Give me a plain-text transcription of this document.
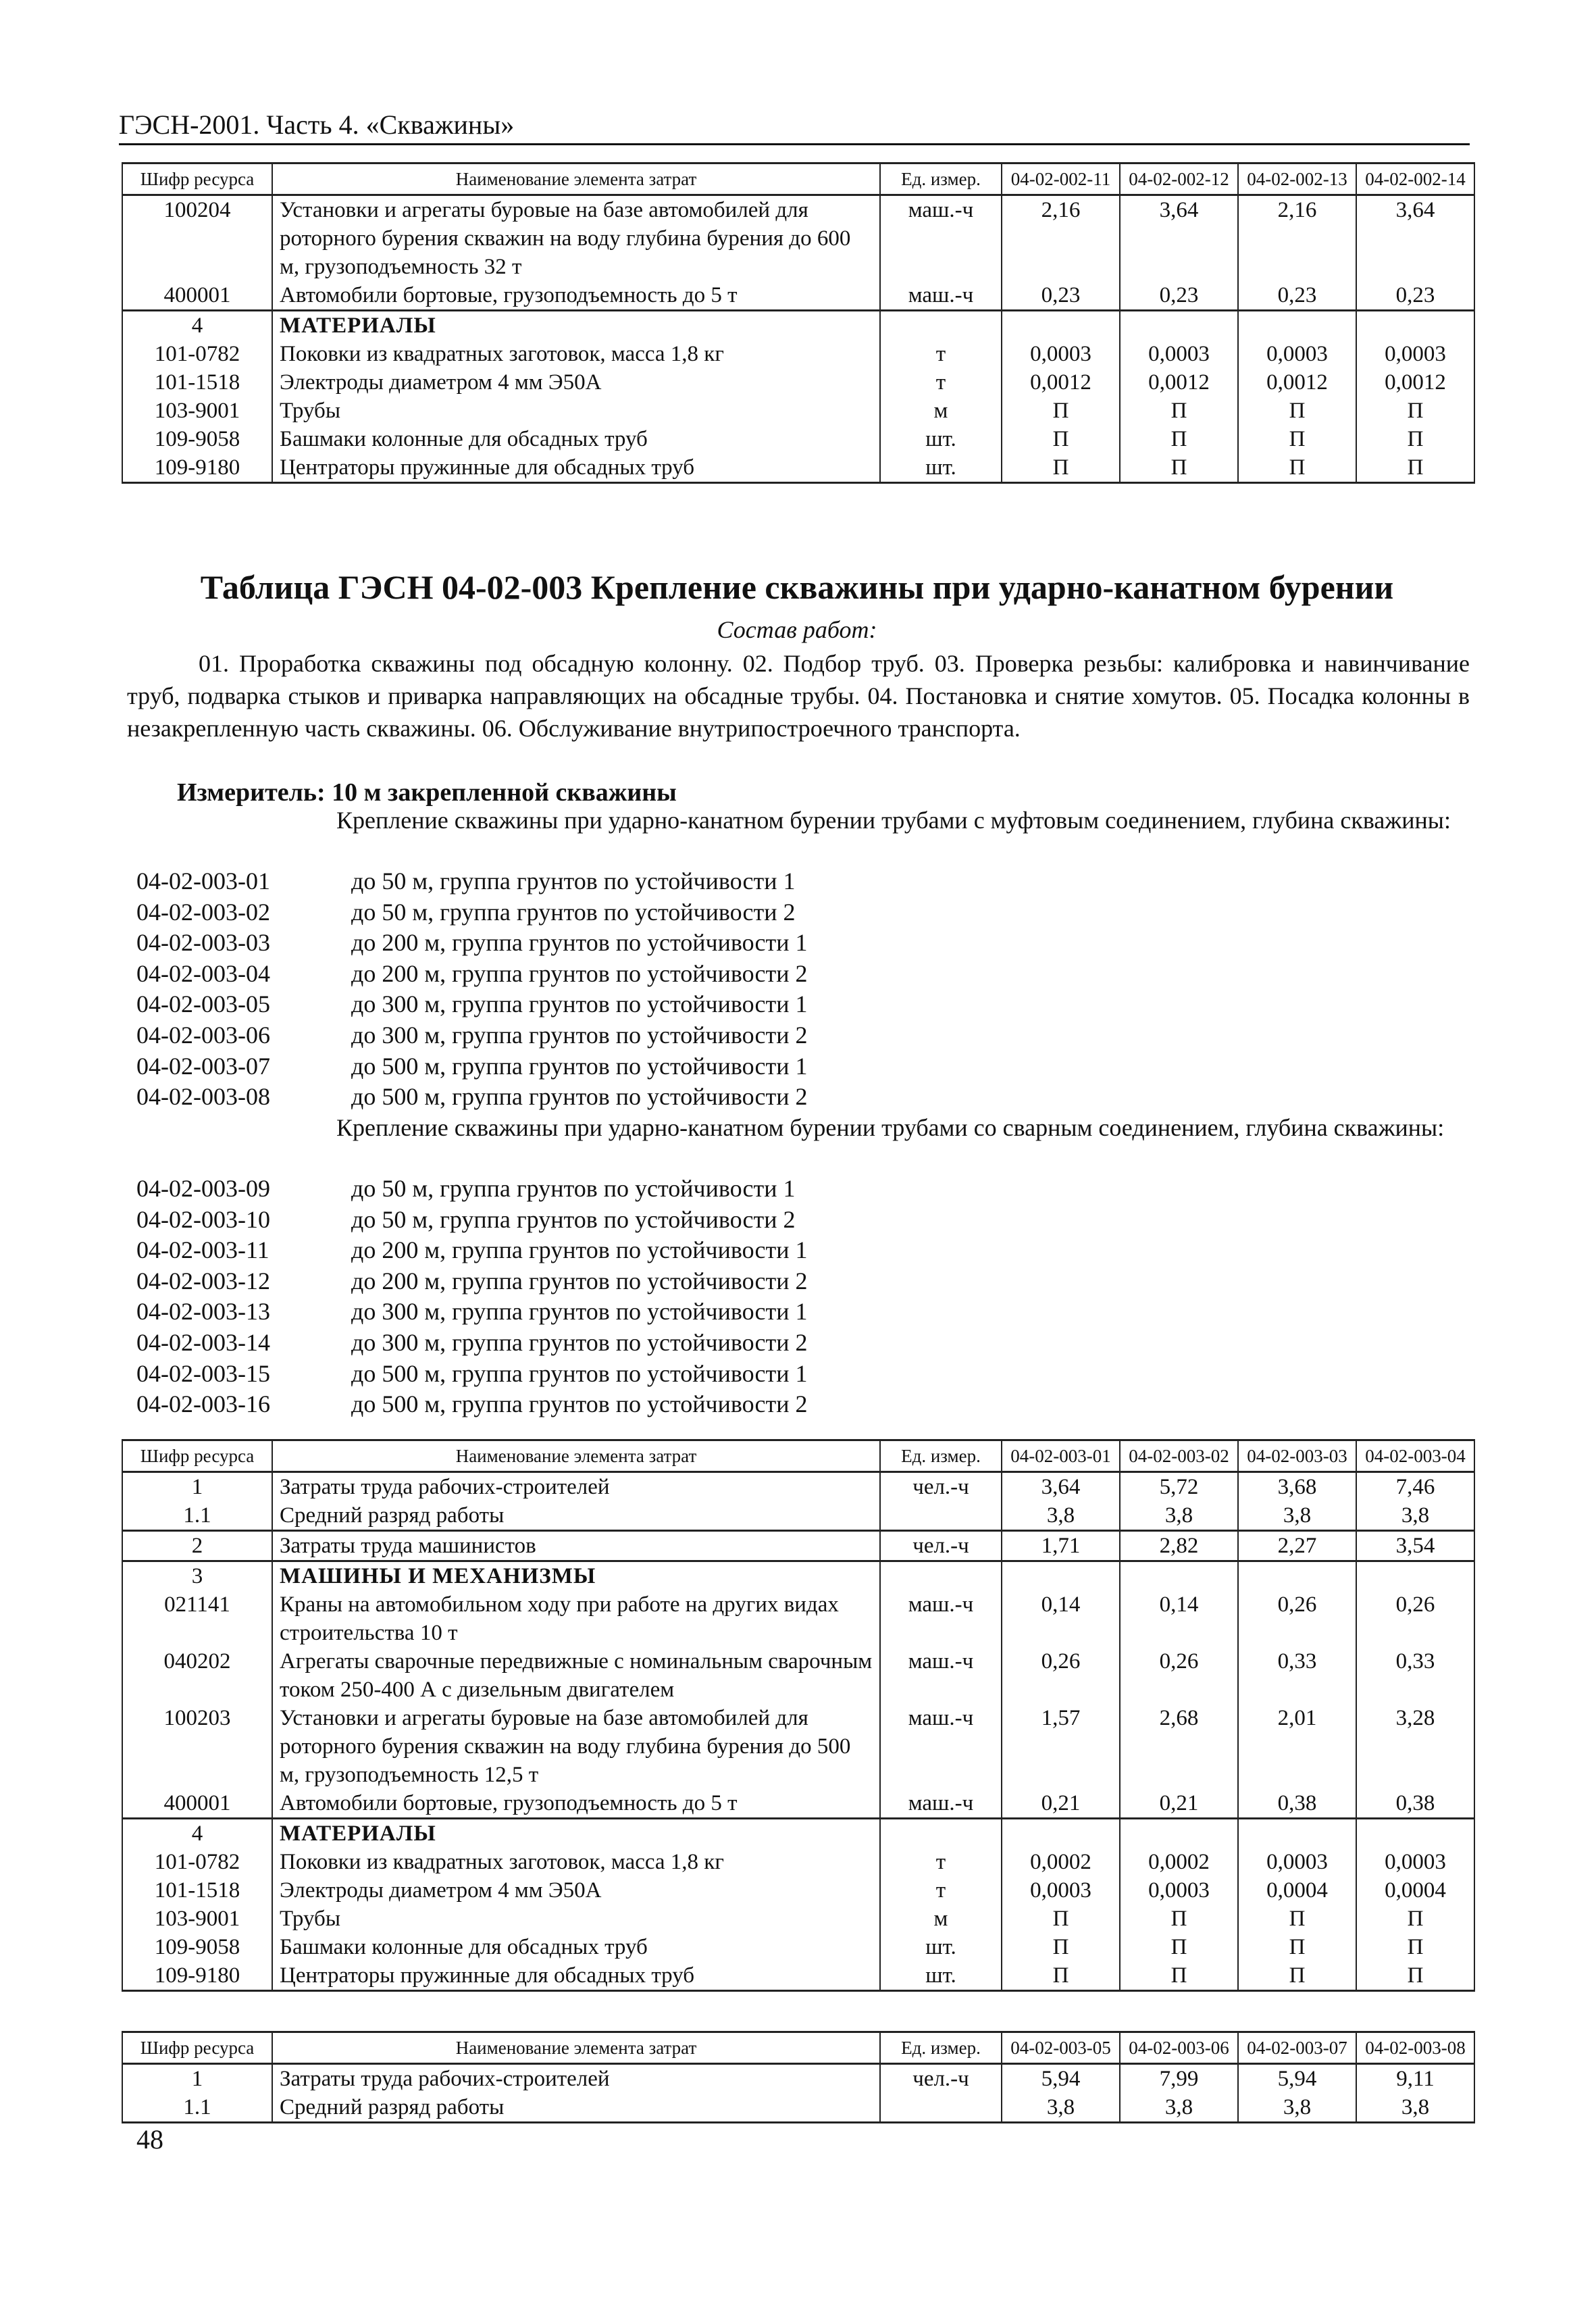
ГЭСН-2001. Часть 4. «Скважины»
Шифр ресурса	Наименование элемента затрат	Ед. измер.	04-02-002-11	04-02-002-12	04-02-002-13	04-02-002-14
100204	Установки и агрегаты буровые на базе автомобилей для роторного бурения скважин на воду глубина бурения до 600 м, грузоподъемность 32 т	маш.-ч	2,16	3,64	2,16	3,64
400001	Автомобили бортовые, грузоподъемность до 5 т	маш.-ч	0,23	0,23	0,23	0,23
4	МАТЕРИАЛЫ					
101-0782	Поковки из квадратных заготовок, масса 1,8 кг	т	0,0003	0,0003	0,0003	0,0003
101-1518	Электроды диаметром 4 мм Э50А	т	0,0012	0,0012	0,0012	0,0012
103-9001	Трубы	м	П	П	П	П
109-9058	Башмаки колонные для обсадных труб	шт.	П	П	П	П
109-9180	Центраторы пружинные для обсадных труб	шт.	П	П	П	П
Таблица ГЭСН 04-02-003 Крепление скважины при ударно-канатном бурении
Состав работ:
01. Проработка скважины под обсадную колонну. 02. Подбор труб. 03. Проверка резьбы: калибровка и навинчивание труб, подварка стыков и приварка направляющих на обсадные трубы. 04. Постановка и снятие хомутов. 05. Посадка колонны в незакрепленную часть скважины. 06. Обслуживание внутрипостроечного транспорта.
Измеритель: 10 м закрепленной скважины
Крепление скважины при ударно-канатном бурении трубами с муфтовым соединением, глубина скважины:
04-02-003-01	до 50 м, группа грунтов по устойчивости 1
04-02-003-02	до 50 м, группа грунтов по устойчивости 2
04-02-003-03	до 200 м, группа грунтов по устойчивости 1
04-02-003-04	до 200 м, группа грунтов по устойчивости 2
04-02-003-05	до 300 м, группа грунтов по устойчивости 1
04-02-003-06	до 300 м, группа грунтов по устойчивости 2
04-02-003-07	до 500 м, группа грунтов по устойчивости 1
04-02-003-08	до 500 м, группа грунтов по устойчивости 2
Крепление скважины при ударно-канатном бурении трубами со сварным соединением, глубина скважины:
04-02-003-09	до 50 м, группа грунтов по устойчивости 1
04-02-003-10	до 50 м, группа грунтов по устойчивости 2
04-02-003-11	до 200 м, группа грунтов по устойчивости 1
04-02-003-12	до 200 м, группа грунтов по устойчивости 2
04-02-003-13	до 300 м, группа грунтов по устойчивости 1
04-02-003-14	до 300 м, группа грунтов по устойчивости 2
04-02-003-15	до 500 м, группа грунтов по устойчивости 1
04-02-003-16	до 500 м, группа грунтов по устойчивости 2
Шифр ресурса	Наименование элемента затрат	Ед. измер.	04-02-003-01	04-02-003-02	04-02-003-03	04-02-003-04
1	Затраты труда рабочих-строителей	чел.-ч	3,64	5,72	3,68	7,46
1.1	Средний разряд работы		3,8	3,8	3,8	3,8
2	Затраты труда машинистов	чел.-ч	1,71	2,82	2,27	3,54
3	МАШИНЫ И МЕХАНИЗМЫ					
021141	Краны на автомобильном ходу при работе на других видах строительства 10 т	маш.-ч	0,14	0,14	0,26	0,26
040202	Агрегаты сварочные передвижные с номинальным сварочным током 250-400 А с дизельным двигателем	маш.-ч	0,26	0,26	0,33	0,33
100203	Установки и агрегаты буровые на базе автомобилей для роторного бурения скважин на воду глубина бурения до 500 м, грузоподъемность 12,5 т	маш.-ч	1,57	2,68	2,01	3,28
400001	Автомобили бортовые, грузоподъемность до 5 т	маш.-ч	0,21	0,21	0,38	0,38
4	МАТЕРИАЛЫ					
101-0782	Поковки из квадратных заготовок, масса 1,8 кг	т	0,0002	0,0002	0,0003	0,0003
101-1518	Электроды диаметром 4 мм Э50А	т	0,0003	0,0003	0,0004	0,0004
103-9001	Трубы	м	П	П	П	П
109-9058	Башмаки колонные для обсадных труб	шт.	П	П	П	П
109-9180	Центраторы пружинные для обсадных труб	шт.	П	П	П	П
Шифр ресурса	Наименование элемента затрат	Ед. измер.	04-02-003-05	04-02-003-06	04-02-003-07	04-02-003-08
1	Затраты труда рабочих-строителей	чел.-ч	5,94	7,99	5,94	9,11
1.1	Средний разряд работы		3,8	3,8	3,8	3,8
48
